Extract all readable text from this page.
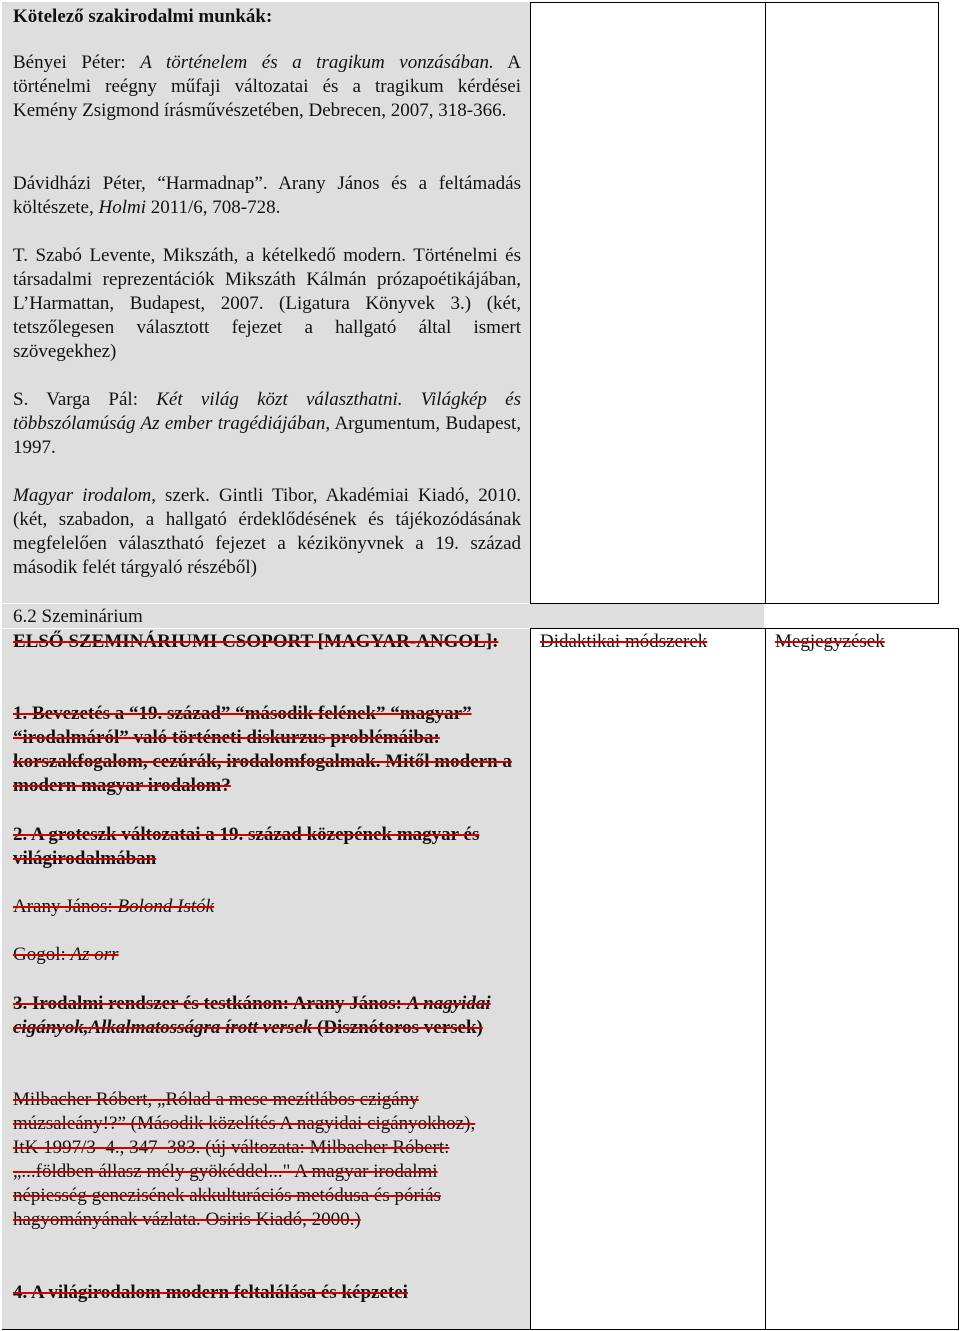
Kötelező szakirodalmi munkák:

Bényei Péter: A történelem és a tragikum vonzásában. A történelmi reégny műfaji változatai és a tragikum kérdései Kemény Zsigmond írásművészetében, Debrecen, 2007, 318-366.

Dávidházi Péter, “Harmadnap”. Arany János és a feltámadás költészete, Holmi 2011/6, 708-728.

T. Szabó Levente, Mikszáth, a kételkedő modern. Történelmi és társadalmi reprezentációk Mikszáth Kálmán prózapoétikájában, L’Harmattan, Budapest, 2007. (Ligatura Könyvek 3.) (két, tetszőlegesen választott fejezet a hallgató által ismert szövegekhez)

S. Varga Pál: Két világ közt választhatni. Világkép és többszólamúság Az ember tragédiájában, Argumentum, Budapest, 1997.

Magyar irodalom, szerk. Gintli Tibor, Akadémiai Kiadó, 2010. (két, szabadon, a hallgató érdeklődésének és tájékozódásának megfelelően választható fejezet a kézikönyvnek a 19. század második felét tárgyaló részéből)

6.2 Szeminárium

ELSŐ SZEMINÁRIUMI CSOPORT [MAGYAR-ANGOL]:	Didaktikai módszerek	Megjegyzések

1. Bevezetés a “19. század” “második felének” “magyar” “irodalmáról” való történeti diskurzus problémáiba: korszakfogalom, cezúrák, irodalomfogalmak. Mitől modern a modern magyar irodalom?

2. A groteszk változatai a 19. század közepének magyar és világirodalmában

Arany János: Bolond Istók

Gogol: Az orr

3. Irodalmi rendszer és testkánon: Arany János: A nagyidai cigányok,Alkalmatosságra írott versek (Disznótoros versek)

Milbacher Róbert, „Rólad a mese mezítlábos czigány múzsaleány!?” (Második közelítés A nagyidai cigányokhoz), ItK 1997/3–4., 347–383. (új változata: Milbacher Róbert: „...földben állasz mély gyökéddel..." A magyar irodalmi népiesség genezisének akkulturációs metódusa és póriás hagyományának vázlata. Osiris Kiadó, 2000.)

4. A világirodalom modern feltalálása és képzetei
